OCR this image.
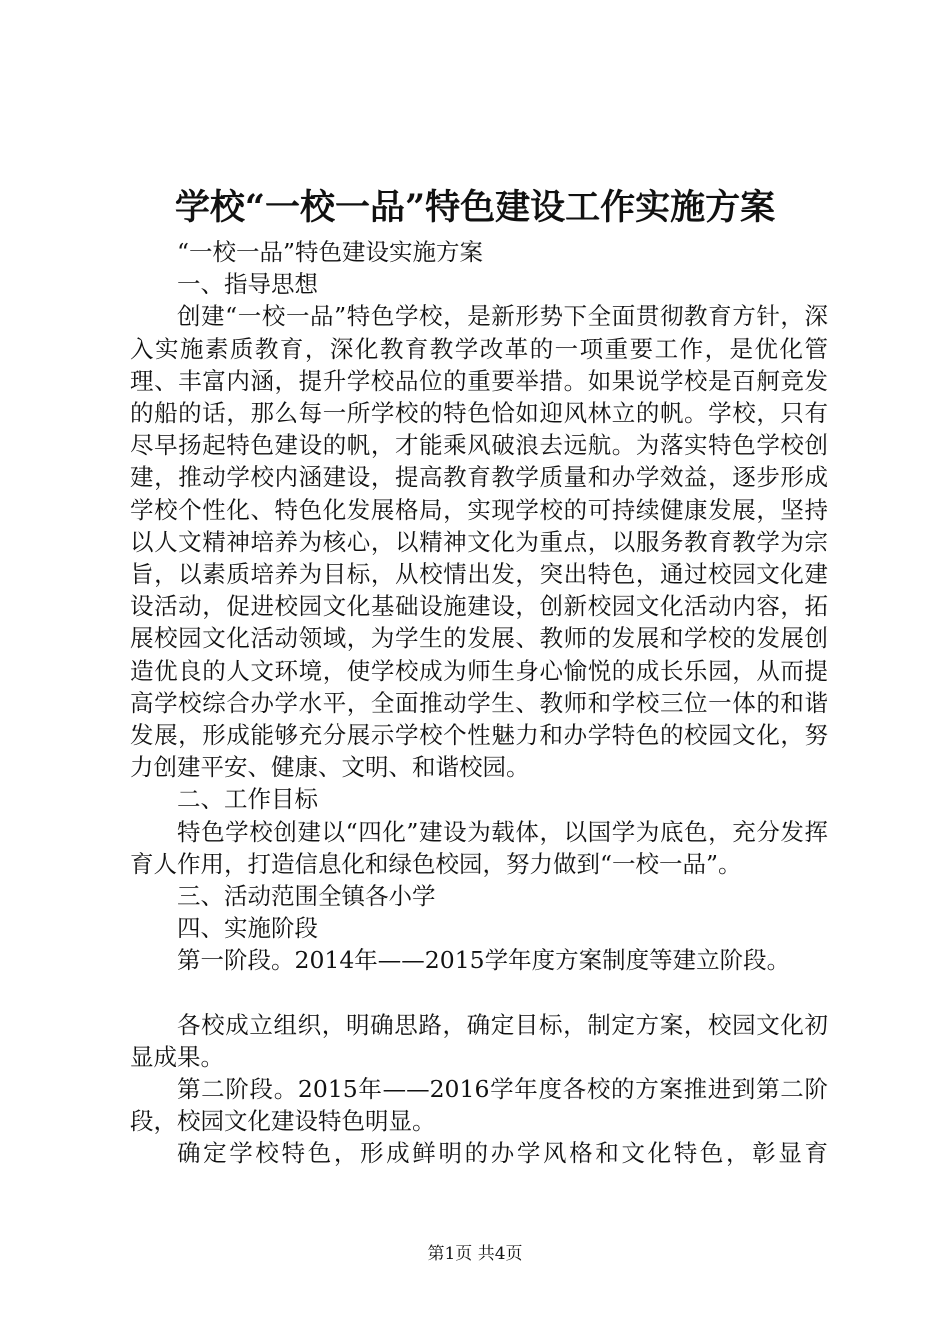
学校“一校一品”特色建设工作实施方案

“一校一品”特色建设实施方案

一、指导思想

创建“一校一品”特色学校，是新形势下全面贯彻教育方针，深入实施素质教育，深化教育教学改革的一项重要工作，是优化管理、丰富内涵，提升学校品位的重要举措。如果说学校是百舸竞发的船的话，那么每一所学校的特色恰如迎风林立的帆。学校，只有尽早扬起特色建设的帆，才能乘风破浪去远航。为落实特色学校创建，推动学校内涵建设，提高教育教学质量和办学效益，逐步形成学校个性化、特色化发展格局，实现学校的可持续健康发展，坚持以人文精神培养为核心，以精神文化为重点，以服务教育教学为宗旨，以素质培养为目标，从校情出发，突出特色，通过校园文化建设活动，促进校园文化基础设施建设，创新校园文化活动内容，拓展校园文化活动领域，为学生的发展、教师的发展和学校的发展创造优良的人文环境，使学校成为师生身心愉悦的成长乐园，从而提高学校综合办学水平，全面推动学生、教师和学校三位一体的和谐发展，形成能够充分展示学校个性魅力和办学特色的校园文化，努力创建平安、健康、文明、和谐校园。

二、工作目标

特色学校创建以“四化”建设为载体，以国学为底色，充分发挥育人作用，打造信息化和绿色校园，努力做到“一校一品”。

三、活动范围全镇各小学

四、实施阶段

第一阶段。2014年——2015学年度方案制度等建立阶段。

各校成立组织，明确思路，确定目标，制定方案，校园文化初显成果。

第二阶段。2015年——2016学年度各校的方案推进到第二阶段，校园文化建设特色明显。

确定学校特色，形成鲜明的办学风格和文化特色，彰显育

第1页 共4页
